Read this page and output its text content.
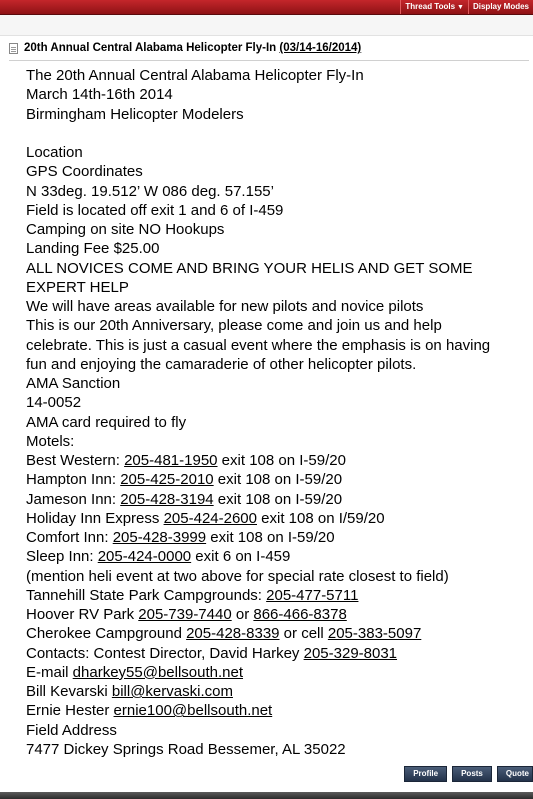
Thread Tools ▼	Display Modes
20th Annual Central Alabama Helicopter Fly-In
(03/14-16/2014)
The 20th Annual Central Alabama Helicopter Fly-In
March 14th-16th 2014
Birmingham Helicopter Modelers
Location
GPS Coordinates
N 33deg. 19.512’ W 086 deg. 57.155’
Field is located off exit 1 and 6 of I-459
Camping on site NO Hookups
Landing Fee $25.00
ALL NOVICES COME AND BRING YOUR HELIS AND GET SOME
EXPERT HELP
We will have areas available for new pilots and novice pilots
This is our 20th Anniversary, please come and join us and help
celebrate. This is just a casual event where the emphasis is on having
fun and enjoying the camaraderie of other helicopter pilots.
AMA Sanction
14-0052
AMA card required to fly
Motels:
Best Western: 205-481-1950 exit 108 on I-59/20
Hampton Inn: 205-425-2010 exit 108 on I-59/20
Jameson Inn: 205-428-3194 exit 108 on I-59/20
Holiday Inn Express 205-424-2600 exit 108 on I/59/20
Comfort Inn: 205-428-3999 exit 108 on I-59/20
Sleep Inn: 205-424-0000 exit 6 on I-459
(mention heli event at two above for special rate closest to field)
Tannehill State Park Campgrounds: 205-477-5711
Hoover RV Park 205-739-7440 or 866-466-8378
Cherokee Campground 205-428-8339 or cell 205-383-5097
Contacts: Contest Director, David Harkey 205-329-8031
E-mail dharkey55@bellsouth.net
Bill Kevarski bill@kervaski.com
Ernie Hester ernie100@bellsouth.net
Field Address
7477 Dickey Springs Road Bessemer, AL 35022
Profile	Posts	Quote
